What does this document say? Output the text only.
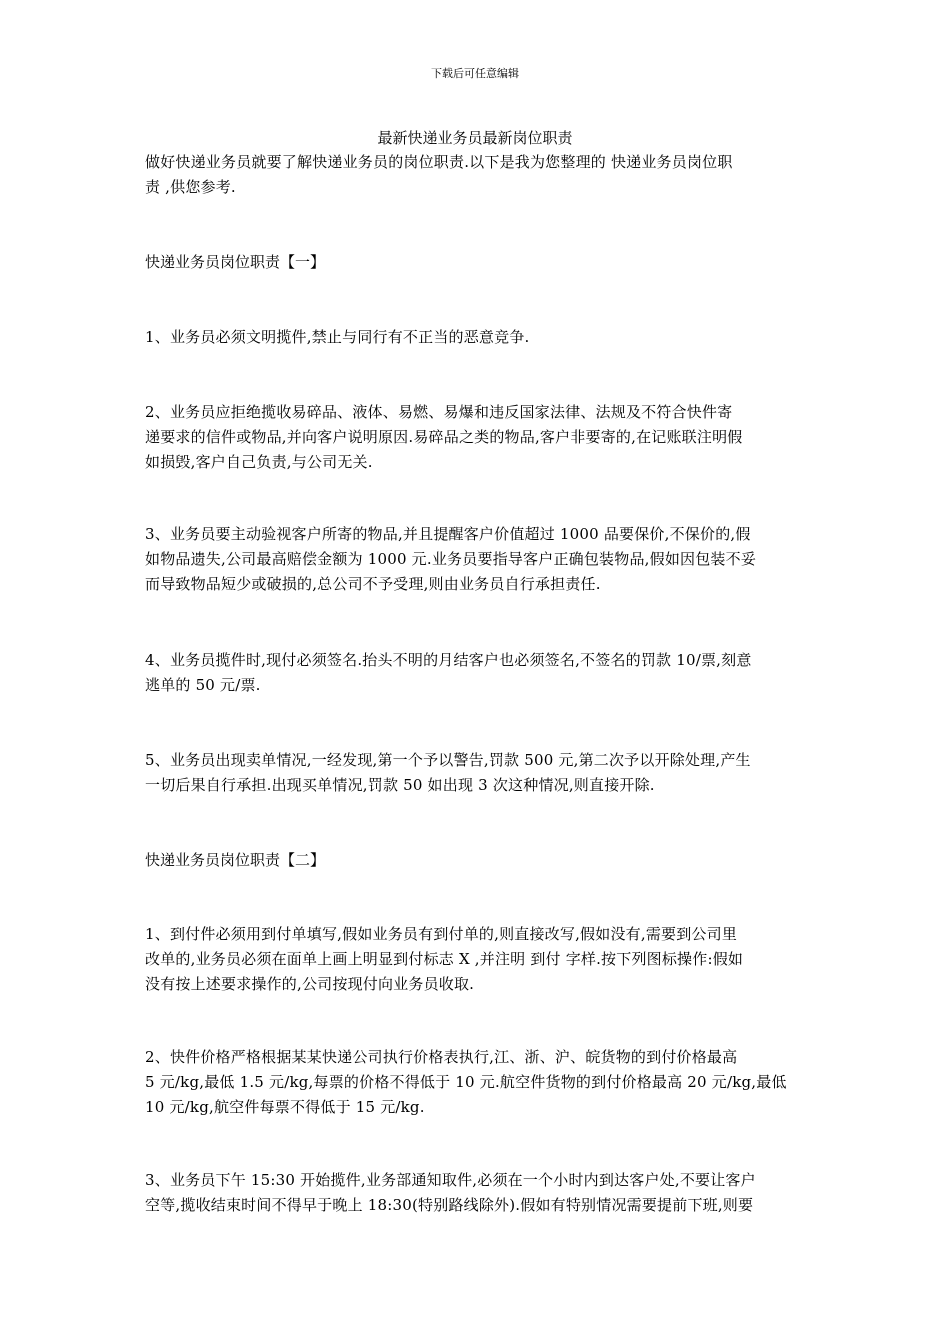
下载后可任意编辑
最新快递业务员最新岗位职责
做好快递业务员就要了解快递业务员的岗位职责.以下是我为您整理的 快递业务员岗位职
责 ,供您参考.
快递业务员岗位职责【一】
1、业务员必须文明揽件,禁止与同行有不正当的恶意竞争.
2、业务员应拒绝揽收易碎品、液体、易燃、易爆和违反国家法律、法规及不符合快件寄
递要求的信件或物品,并向客户说明原因.易碎品之类的物品,客户非要寄的,在记账联注明假
如损毁,客户自己负责,与公司无关.
3、业务员要主动验视客户所寄的物品,并且提醒客户价值超过 1000 品要保价,不保价的,假
如物品遗失,公司最高赔偿金额为 1000 元.业务员要指导客户正确包装物品,假如因包装不妥
而导致物品短少或破损的,总公司不予受理,则由业务员自行承担责任.
4、业务员揽件时,现付必须签名.抬头不明的月结客户也必须签名,不签名的罚款 10/票,刻意
逃单的 50 元/票.
5、业务员出现卖单情况,一经发现,第一个予以警告,罚款 500 元,第二次予以开除处理,产生
一切后果自行承担.出现买单情况,罚款 50 如出现 3 次这种情况,则直接开除.
快递业务员岗位职责【二】
1、到付件必须用到付单填写,假如业务员有到付单的,则直接改写,假如没有,需要到公司里
改单的,业务员必须在面单上画上明显到付标志 X ,并注明 到付 字样.按下列图标操作:假如
没有按上述要求操作的,公司按现付向业务员收取.
2、快件价格严格根据某某快递公司执行价格表执行,江、浙、沪、皖货物的到付价格最高
5 元/kg,最低 1.5 元/kg,每票的价格不得低于 10 元.航空件货物的到付价格最高 20 元/kg,最低
10 元/kg,航空件每票不得低于 15 元/kg.
3、业务员下午 15:30 开始揽件,业务部通知取件,必须在一个小时内到达客户处,不要让客户
空等,揽收结束时间不得早于晚上 18:30(特别路线除外).假如有特别情况需要提前下班,则要
